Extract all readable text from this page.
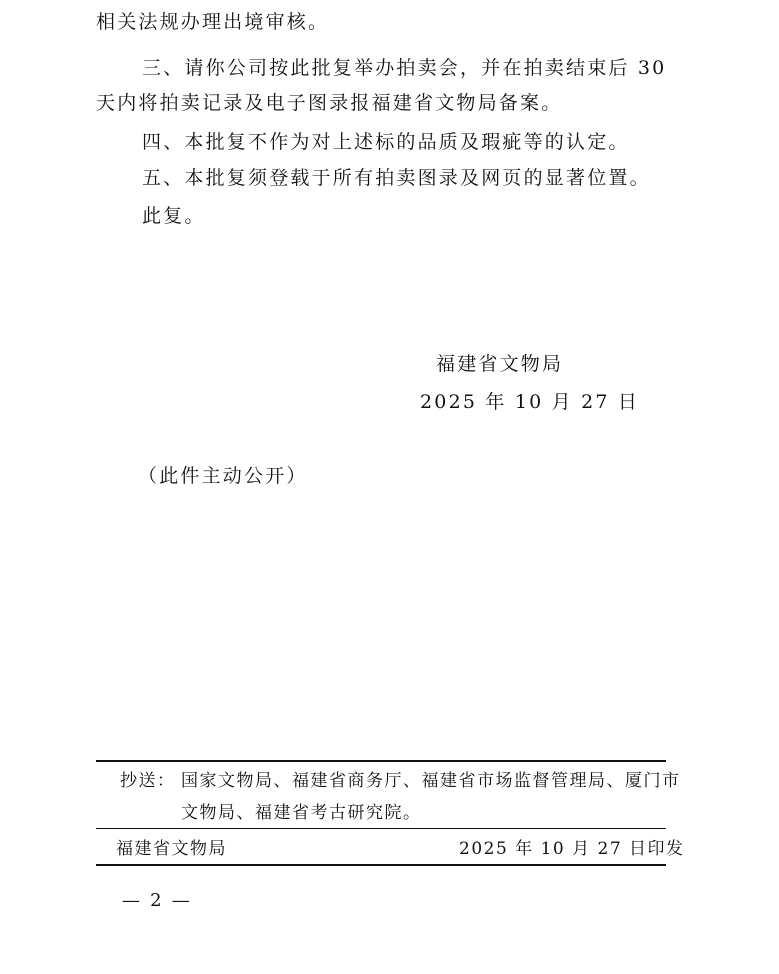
相关法规办理出境审核。
三、请你公司按此批复举办拍卖会，并在拍卖结束后 30
天内将拍卖记录及电子图录报福建省文物局备案。
四、本批复不作为对上述标的品质及瑕疵等的认定。
五、本批复须登载于所有拍卖图录及网页的显著位置。
此复。
福建省文物局
2025 年 10 月 27 日
（此件主动公开）
抄送： 国家文物局、福建省商务厅、福建省市场监督管理局、厦门市
文物局、福建省考古研究院。
福建省文物局	2025 年 10 月 27 日印发
— 2 —
